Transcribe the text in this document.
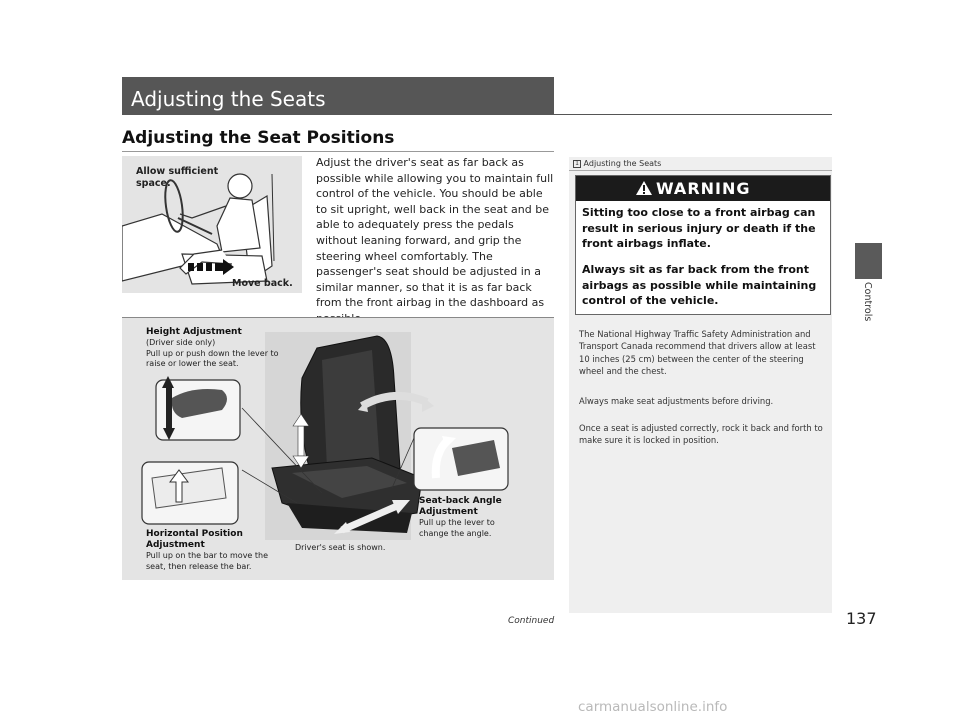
Adjusting the Seats
Adjusting the Seat Positions
Allow sufficient space.
Move back.
Adjust the driver's seat as far back as possible while allowing you to maintain full control of the vehicle. You should be able to sit upright, well back in the seat and be able to adequately press the pedals without leaning forward, and grip the steering wheel comfortably. The passenger's seat should be adjusted in a similar manner, so that it is as far back from the front airbag in the dashboard as
Height Adjustment
(Driver side only)
Pull up or push down the lever to raise or lower the seat.
Horizontal Position Adjustment
Pull up on the bar to move the seat, then release the bar.
Seat-back Angle Adjustment
Pull up the lever to change the angle.
Driver's seat is shown.
1 Adjusting the Seats
WARNING
Sitting too close to a front airbag can result in serious injury or death if the front airbags inflate.
Always sit as far back from the front airbags as possible while maintaining control of the vehicle.
The National Highway Traffic Safety Administration and Transport Canada recommend that drivers allow at least 10 inches (25 cm) between the center of the steering wheel and the chest.
Always make seat adjustments before driving.
Once a seat is adjusted correctly, rock it back and forth to make sure it is locked in position.
Controls
137
Continued
carmanualsonline.info
